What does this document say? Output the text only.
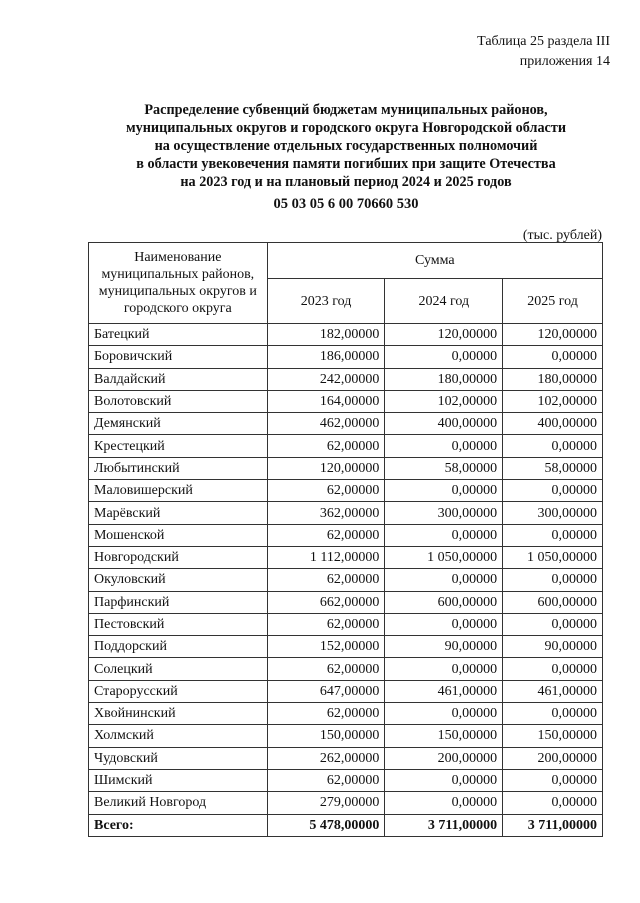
Таблица 25 раздела III
приложения 14
Распределение субвенций бюджетам муниципальных районов,
муниципальных округов и городского округа Новгородской области
на осуществление отдельных государственных полномочий
в области увековечения памяти погибших при защите Отечества
на 2023 год и на плановый период 2024 и 2025 годов
05 03 05 6 00 70660 530
(тыс. рублей)
Наименование муниципальных районов, муниципальных округов и городского округа	Сумма		
	2023 год	2024 год	2025 год
Батецкий	182,00000	120,00000	120,00000
Боровичский	186,00000	0,00000	0,00000
Валдайский	242,00000	180,00000	180,00000
Волотовский	164,00000	102,00000	102,00000
Демянский	462,00000	400,00000	400,00000
Крестецкий	62,00000	0,00000	0,00000
Любытинский	120,00000	58,00000	58,00000
Маловишерский	62,00000	0,00000	0,00000
Марёвский	362,00000	300,00000	300,00000
Мошенской	62,00000	0,00000	0,00000
Новгородский	1 112,00000	1 050,00000	1 050,00000
Окуловский	62,00000	0,00000	0,00000
Парфинский	662,00000	600,00000	600,00000
Пестовский	62,00000	0,00000	0,00000
Поддорский	152,00000	90,00000	90,00000
Солецкий	62,00000	0,00000	0,00000
Старорусский	647,00000	461,00000	461,00000
Хвойнинский	62,00000	0,00000	0,00000
Холмский	150,00000	150,00000	150,00000
Чудовский	262,00000	200,00000	200,00000
Шимский	62,00000	0,00000	0,00000
Великий Новгород	279,00000	0,00000	0,00000
Всего:	5 478,00000	3 711,00000	3 711,00000
